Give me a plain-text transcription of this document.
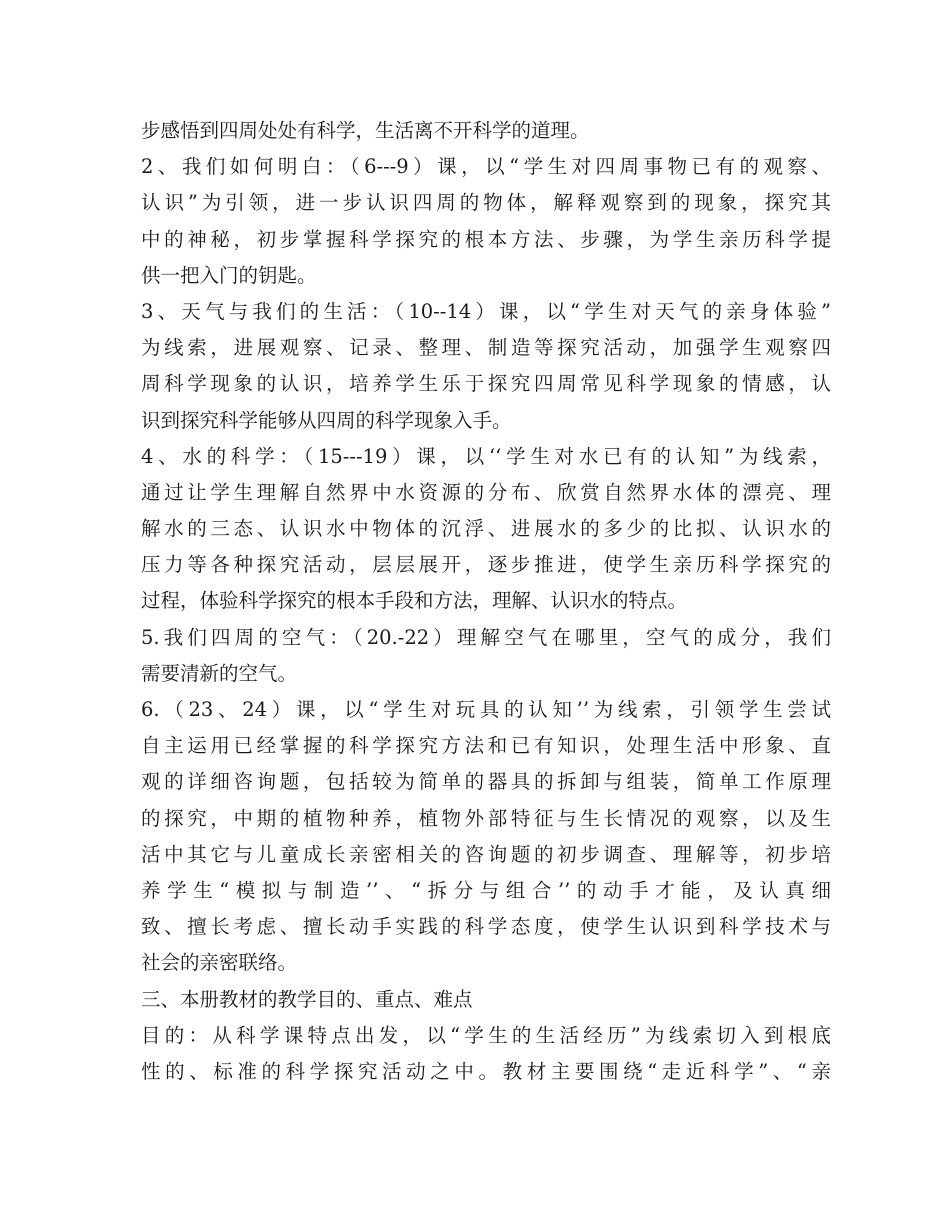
步感悟到四周处处有科学，生活离不开科学的道理。
2、我们如何明白：（6---9）课，以“学生对四周事物已有的观察、
认识”为引领，进一步认识四周的物体，解释观察到的现象，探究其
中的神秘，初步掌握科学探究的根本方法、步骤，为学生亲历科学提
供一把入门的钥匙。
3、天气与我们的生活：（10--14）课，以“学生对天气的亲身体验”
为线索，进展观察、记录、整理、制造等探究活动，加强学生观察四
周科学现象的认识，培养学生乐于探究四周常见科学现象的情感，认
识到探究科学能够从四周的科学现象入手。
4、水的科学：（15---19）课，以‘‘学生对水已有的认知”为线索，
通过让学生理解自然界中水资源的分布、欣赏自然界水体的漂亮、理
解水的三态、认识水中物体的沉浮、进展水的多少的比拟、认识水的
压力等各种探究活动，层层展开，逐步推进，使学生亲历科学探究的
过程，体验科学探究的根本手段和方法，理解、认识水的特点。
5.我们四周的空气：（20.-22）理解空气在哪里，空气的成分，我们
需要清新的空气。
6.（23、24）课，以“学生对玩具的认知’’为线索，引领学生尝试
自主运用已经掌握的科学探究方法和已有知识，处理生活中形象、直
观的详细咨询题，包括较为简单的器具的拆卸与组装，简单工作原理
的探究，中期的植物种养，植物外部特征与生长情况的观察，以及生
活中其它与儿童成长亲密相关的咨询题的初步调查、理解等，初步培
养学生“模拟与制造’’、“拆分与组合’’的动手才能，及认真细
致、擅长考虑、擅长动手实践的科学态度，使学生认识到科学技术与
社会的亲密联络。
三、本册教材的教学目的、重点、难点
目的：从科学课特点出发，以“学生的生活经历”为线索切入到根底
性的、标准的科学探究活动之中。教材主要围绕“走近科学”、“亲
